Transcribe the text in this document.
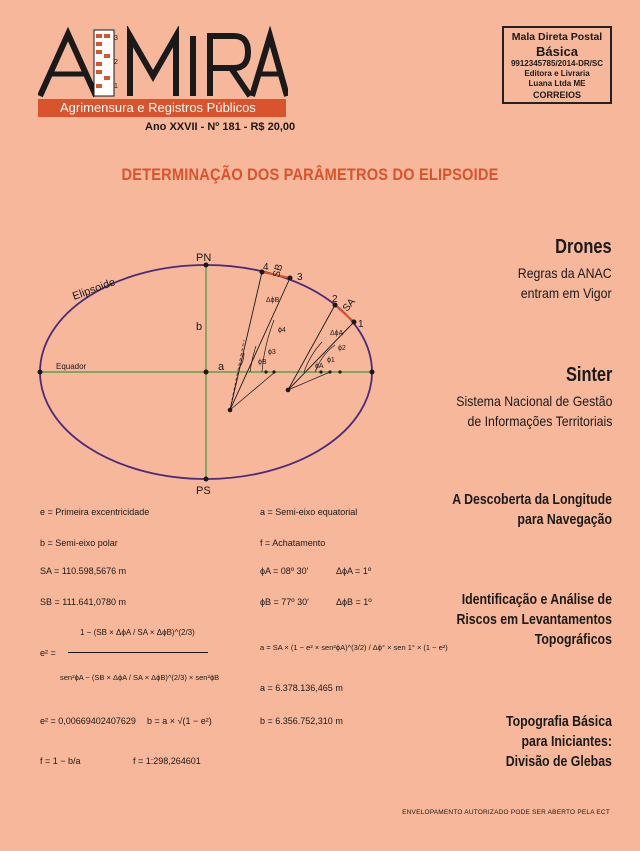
3
2
1
Agrimensura e Registros Públicos
Ano XXVII - Nº 181 - R$ 20,00
Mala Direta Postal
Básica
9912345785/2014-DR/SC
Editora e Livraria
Luana Ltda ME
CORREIOS
DETERMINAÇÃO DOS PARÂMETROS DO ELIPSOIDE
PN
PS
Elipsoide
Equador	a
b
SB
SA
4
3
2
1
ΔϕB
ΔϕA
ϕ4
ϕ3
ϕB
ϕ2
ϕ1
ϕA
e = Primeira excentricidade	a = Semi-eixo equatorial
b = Semi-eixo polar	f = Achatamento
SA = 110.598,5676 m	ϕA = 08º 30'	ΔϕA = 1º
SB = 111.641,0780 m	ϕB = 77º 30'	ΔϕB = 1º
e² =
1 − (SB × ΔϕA / SA × ΔϕB)^(2/3)
sen²ϕA − (SB × ΔϕA / SA × ΔϕB)^(2/3) × sen²ϕB
a = SA × (1 − e² × sen²ϕA)^(3/2) / Δϕ° × sen 1° × (1 − e²)
a = 6.378.136,465 m
e² = 0,00669402407629 b = a × √(1 − e²)	b = 6.356.752,310 m
f = 1 − b/a	f = 1:298,264601
Drones
Regras da ANAC
entram em Vigor
Sinter
Sistema Nacional de Gestão
de Informações Territoriais
A Descoberta da Longitude
para Navegação
Identificação e Análise de
Riscos em Levantamentos
Topográficos
Topografia Básica
para Iniciantes:
Divisão de Glebas
ENVELOPAMENTO AUTORIZADO PODE SER ABERTO PELA ECT
